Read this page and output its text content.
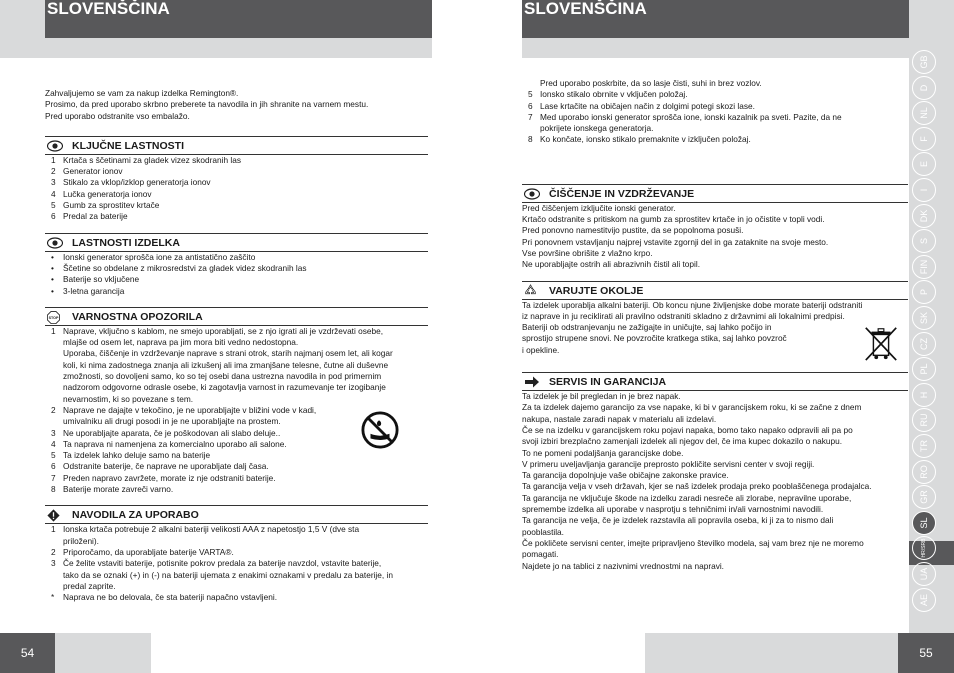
SLOVENŠČINA	SLOVENŠČINA
GB
D
NL
F
E
I
DK
S
FIN
P
SK
CZ
PL
H
RU
TR
RO
GR
SL
HR/SRB
UA
AE

Zahvaljujemo se vam za nakup izdelka Remington®.

Prosimo, da pred uporabo skrbno preberete ta navodila in jih shranite na varnem mestu.

Pred uporabo odstranite vso embalažo.

KLJUČNE LASTNOSTI
1 Krtača s ščetinami za gladek vizez skodranih las
2 Generator ionov
3 Stikalo za vklop/izklop generatorja ionov
4 Lučka generatorja ionov
5 Gumb za sprostitev krtače
6 Predal za baterije
LASTNOSTI IZDELKA
• Ionski generator sprošča ione za antistatično zaščito
• Ščetine so obdelane z mikrosredstvi za gladek videz skodranih las
• Baterije so vključene
• 3-letna garancija
STOP VARNOSTNA OPOZORILA
1 Naprave, vključno s kablom, ne smejo uporabljati, se z njo igrati ali je vzdrževati osebe,
mlajše od osem let, naprava pa jim mora biti vedno nedostopna.
Uporaba, čiščenje in vzdrževanje naprave s strani otrok, starih najmanj osem let, ali kogar
koli, ki nima zadostnega znanja ali izkušenj ali ima zmanjšane telesne, čutne ali duševne
zmožnosti, so dovoljeni samo, ko so tej osebi dana ustrezna navodila in pod primernim
nadzorom odgovorne odrasle osebe, ki zagotavlja varnost in razumevanje ter izogibanje
nevarnostim, ki so povezane s tem.
2 Naprave ne dajajte v tekočino, je ne uporabljajte v bližini vode v kadi,
umivalniku ali drugi posodi in je ne uporabljajte na prostem.
3 Ne uporabljajte aparata, če je poškodovan ali slabo deluje..
4 Ta naprava ni namenjena za komercialno uporabo ali salone.
5 Ta izdelek lahko deluje samo na baterije
6 Odstranite baterije, če naprave ne uporabljate dalj časa.
7 Preden napravo zavržete, morate iz nje odstraniti baterije.
8 Baterije morate zavreči varno.
NAVODILA ZA UPORABO
1 Ionska krtača potrebuje 2 alkalni bateriji velikosti AAA z napetostjo 1,5 V (dve sta
priloženi).
2 Priporočamo, da uporabljate baterije VARTA®.
3 Če želite vstaviti baterije, potisnite pokrov predala za baterije navzdol, vstavite baterije,
tako da se oznaki (+) in (-) na bateriji ujemata z enakimi oznakami v predalu za baterije, in
predal zaprite.
* Naprava ne bo delovala, če sta bateriji napačno vstavljeni.
Pred uporabo poskrbite, da so lasje čisti, suhi in brez vozlov.
5 Ionsko stikalo obrnite v vključen položaj.
6 Lase krtačite na običajen način z dolgimi potegi skozi lase.
7 Med uporabo ionski generator sprošča ione, ionski kazalnik pa sveti. Pazite, da ne
pokrijete ionskega generatorja.
8 Ko končate, ionsko stikalo premaknite v izključen položaj.
ČIŠČENJE IN VZDRŽEVANJE

Pred čiščenjem izključite ionski generator.

Krtačo odstranite s pritiskom na gumb za sprostitev krtače in jo očistite v topli vodi.

Pred ponovno namestitvijo pustite, da se popolnoma posuši.

Pri ponovnem vstavljanju najprej vstavite zgornji del in ga zataknite na svoje mesto.

Vse površine obrišite z vlažno krpo.

Ne uporabljajte ostrih ali abrazivnih čistil ali topil.

VARUJTE OKOLJE

Ta izdelek uporablja alkalni bateriji. Ob koncu njune življenjske dobe morate bateriji odstraniti

iz naprave in ju reciklirati ali pravilno odstraniti skladno z državnimi ali lokalnimi predpisi.

Bateriji ob odstranjevanju ne zažigajte in uničujte, saj lahko počijo in

sprostijo strupene snovi. Ne povzročite kratkega stika, saj lahko povzroč

i opekline.

SERVIS IN GARANCIJA

Ta izdelek je bil pregledan in je brez napak.

Za ta izdelek dajemo garancijo za vse napake, ki bi v garancijskem roku, ki se začne z dnem

nakupa, nastale zaradi napak v materialu ali izdelavi.

Če se na izdelku v garancijskem roku pojavi napaka, bomo tako napako odpravili ali pa po

svoji izbiri brezplačno zamenjali izdelek ali njegov del, če ima kupec dokazilo o nakupu.

To ne pomeni podaljšanja garancijske dobe.

V primeru uveljavljanja garancije preprosto pokličite servisni center v svoji regiji.

Ta garancija dopolnjuje vaše običajne zakonske pravice.

Ta garancija velja v vseh državah, kjer se naš izdelek prodaja preko pooblaščenega prodajalca.

Ta garancija ne vključuje škode na izdelku zaradi nesreče ali zlorabe, nepravilne uporabe,

spremembe izdelka ali uporabe v nasprotju s tehničnimi in/ali varnostnimi navodili.

Ta garancija ne velja, če je izdelek razstavila ali popravila oseba, ki ji za to nismo dali

pooblastila.

Če pokličete servisni center, imejte pripravljeno številko modela, saj vam brez nje ne moremo

pomagati.

Najdete jo na tablici z nazivnimi vrednostmi na napravi.

54	55
